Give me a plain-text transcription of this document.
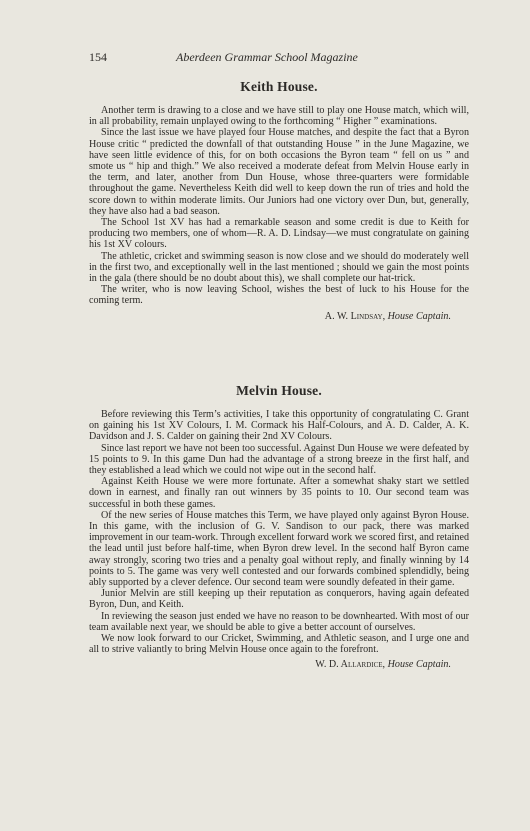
154	Aberdeen Grammar School Magazine
Keith House.

Another term is drawing to a close and we have still to play one House match, which will, in all probability, remain unplayed owing to the forthcoming “ Higher ” examinations.

Since the last issue we have played four House matches, and despite the fact that a Byron House critic “ predicted the downfall of that outstanding House ” in the June Magazine, we have seen little evidence of this, for on both occasions the Byron team “ fell on us ” and smote us “ hip and thigh.” We also received a moderate defeat from Melvin House early in the term, and later, another from Dun House, whose three-quarters were formidable throughout the game. Nevertheless Keith did well to keep down the run of tries and hold the score down to within moderate limits. Our Juniors had one victory over Dun, but, generally, they have also had a bad season.

The School 1st XV has had a remarkable season and some credit is due to Keith for producing two members, one of whom—R. A. D. Lindsay—we must congratulate on gaining his 1st XV colours.

The athletic, cricket and swimming season is now close and we should do moderately well in the first two, and exceptionally well in the last mentioned ; should we gain the most points in the gala (there should be no doubt about this), we shall complete our hat-trick.

The writer, who is now leaving School, wishes the best of luck to his House for the coming term.

A. W. Lindsay, House Captain.
Melvin House.

Before reviewing this Term’s activities, I take this opportunity of congratulating C. Grant on gaining his 1st XV Colours, I. M. Cormack his Half-Colours, and A. D. Calder, A. K. Davidson and J. S. Calder on gaining their 2nd XV Colours.

Since last report we have not been too successful. Against Dun House we were defeated by 15 points to 9. In this game Dun had the advantage of a strong breeze in the first half, and they established a lead which we could not wipe out in the second half.

Against Keith House we were more fortunate. After a somewhat shaky start we settled down in earnest, and finally ran out winners by 35 points to 10. Our second team was successful in both these games.

Of the new series of House matches this Term, we have played only against Byron House. In this game, with the inclusion of G. V. Sandison to our pack, there was marked improvement in our team-work. Through excellent forward work we scored first, and retained the lead until just before half-time, when Byron drew level. In the second half Byron came away strongly, scoring two tries and a penalty goal without reply, and finally winning by 14 points to 5. The game was very well contested and our forwards combined splendidly, being ably supported by a clever defence. Our second team were soundly defeated in their game.

Junior Melvin are still keeping up their reputation as conquerors, having again defeated Byron, Dun, and Keith.

In reviewing the season just ended we have no reason to be downhearted. With most of our team available next year, we should be able to give a better account of ourselves.

We now look forward to our Cricket, Swimming, and Athletic season, and I urge one and all to strive valiantly to bring Melvin House once again to the forefront.

W. D. Allardice, House Captain.
